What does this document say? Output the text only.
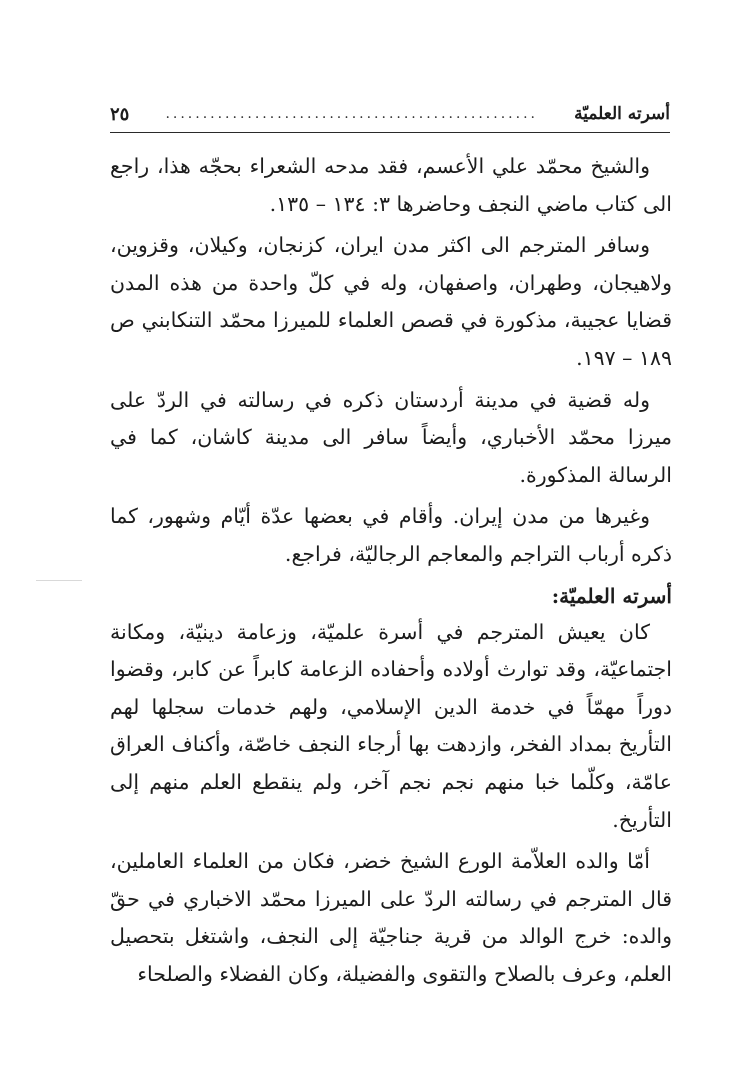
أسرته العلميّة
..................................................
٢٥

والشيخ محمّد علي الأعسم، فقد مدحه الشعراء بحجّه هذا، راجع الى كتاب ماضي النجف وحاضرها ٣: ١٣٤ – ١٣٥.

وسافر المترجم الى اكثر مدن ايران، كزنجان، وكيلان، وقزوين، ولاهيجان، وطهران، واصفهان، وله في كلّ واحدة من هذه المدن قضايا عجيبة، مذكورة في قصص العلماء للميرزا محمّد التنكابني ص ١٨٩ – ١٩٧.

وله قضية في مدينة أردستان ذكره في رسالته في الردّ على ميرزا محمّد الأخباري، وأيضاً سافر الى مدينة كاشان، كما في الرسالة المذكورة.

وغيرها من مدن إيران. وأقام في بعضها عدّة أيّام وشهور، كما ذكره أرباب التراجم والمعاجم الرجاليّة، فراجع.

أسرته العلميّة:

كان يعيش المترجم في أسرة علميّة، وزعامة دينيّة، ومكانة اجتماعيّة، وقد توارث أولاده وأحفاده الزعامة كابراً عن كابر، وقضوا دوراً مهمّاً في خدمة الدين الإسلامي، ولهم خدمات سجلها لهم التأريخ بمداد الفخر، وازدهت بها أرجاء النجف خاصّة، وأكناف العراق عامّة، وكلّما خبا منهم نجم نجم آخر، ولم ينقطع العلم منهم إلى التأريخ.

أمّا والده العلاّمة الورع الشيخ خضر، فكان من العلماء العاملين، قال المترجم في رسالته الردّ على الميرزا محمّد الاخباري في حقّ والده: خرج الوالد من قرية جناجيّة إلى النجف، واشتغل بتحصيل العلم، وعرف بالصلاح والتقوى والفضيلة، وكان الفضلاء والصلحاء
